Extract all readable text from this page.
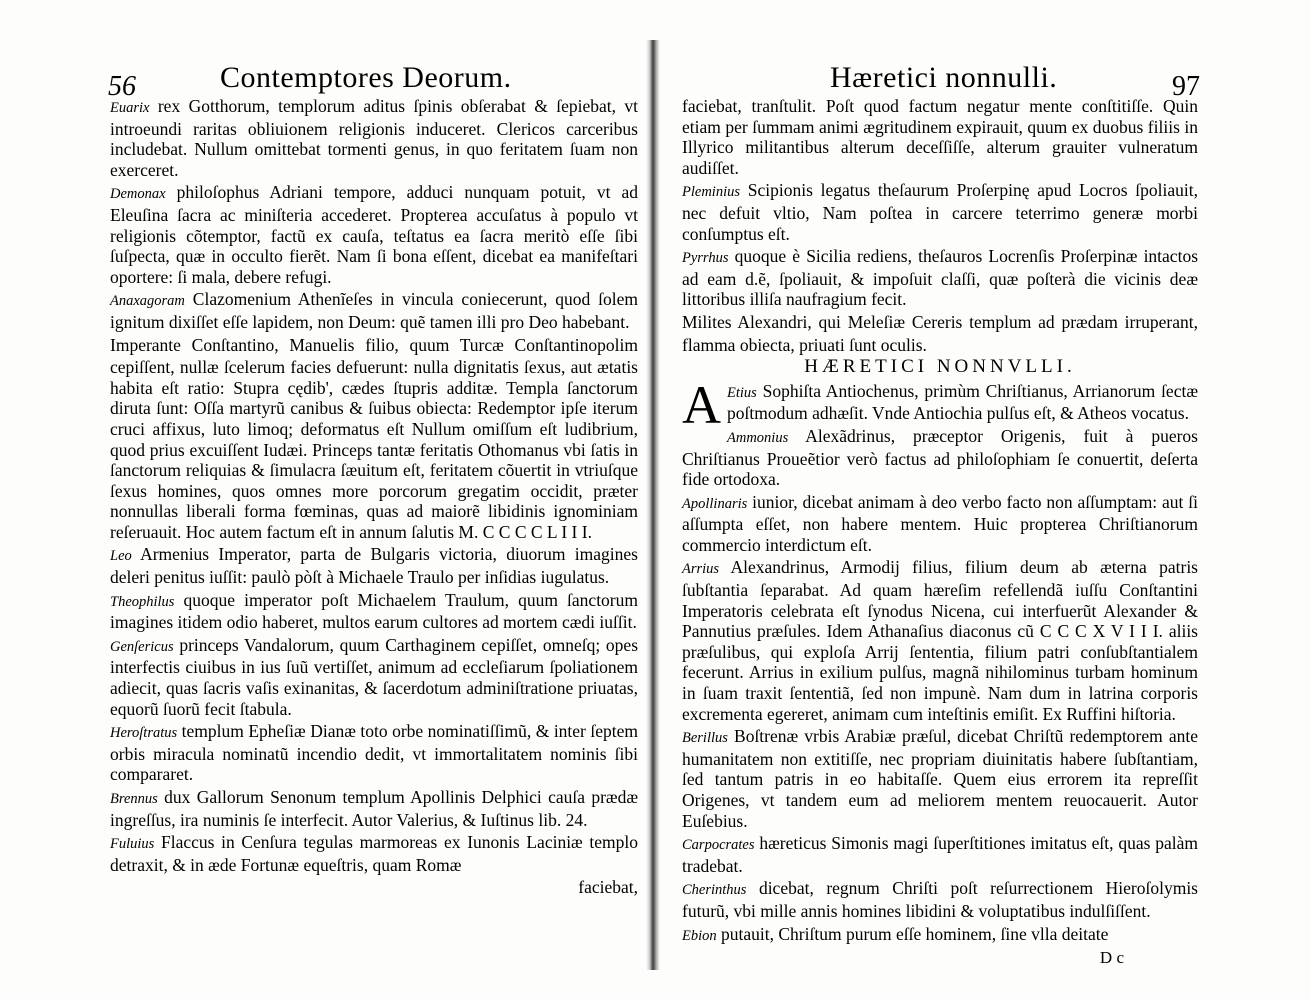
56	Contemptores Deorum.	Hæretici nonnulli.	97
Euarix rex Gotthorum, templorum aditus ſpinis obſerabat & ſepiebat, vt introeundi raritas obliuionem religionis induceret. Clericos carceribus includebat. Nullum omittebat tormenti genus, in quo feritatem ſuam non exerceret.
Demonax philoſophus Adriani tempore, adduci nunquam potuit, vt ad Eleuſina ſacra ac miniſteria accederet. Propterea accuſatus à populo vt religionis cõtemptor, factũ ex cauſa, teſtatus ea ſacra meritò eſſe ſibi ſuſpecta, quæ in occulto fierẽt. Nam ſi bona eſſent, dicebat ea manifeſtari oportere: ſi mala, debere refugi.
Anaxagoram Clazomenium Athenĩeſes in vincula coniecerunt, quod ſolem ignitum dixiſſet eſſe lapidem, non Deum: quẽ tamen illi pro Deo habebant.
Imperante Conſtantino, Manuelis filio, quum Turcæ Conſtantinopolim cepiſſent, nullæ ſcelerum facies defuerunt: nulla dignitatis ſexus, aut ætatis habita eſt ratio: Stupra cędib', cædes ſtupris additæ. Templa ſanctorum diruta ſunt: Oſſa martyrũ canibus & ſuibus obiecta: Redemptor ipſe iterum cruci affixus, luto limoq; deformatus eſt Nullum omiſſum eſt ludibrium, quod prius excuiſſent Iudæi. Princeps tantæ feritatis Othomanus vbi ſatis in ſanctorum reliquias & ſimulacra ſæuitum eſt, feritatem cõuertit in vtriuſque ſexus homines, quos omnes more porcorum gregatim occidit, præter nonnullas liberali forma fœminas, quas ad maiorẽ libidinis ignominiam reſeruauit. Hoc autem factum eſt in annum ſalutis M. C C C C L I I I.
Leo Armenius Imperator, parta de Bulgaris victoria, diuorum imagines deleri penitus iuſſit: paulò pòſt à Michaele Traulo per inſidias iugulatus.
Theophilus quoque imperator poſt Michaelem Traulum, quum ſanctorum imagines itidem odio haberet, multos earum cultores ad mortem cædi iuſſit.
Genſericus princeps Vandalorum, quum Carthaginem cepiſſet, omneſq; opes interfectis ciuibus in ius ſuũ vertiſſet, animum ad eccleſiarum ſpoliationem adiecit, quas ſacris vaſis exinanitas, & ſacerdotum adminiſtratione priuatas, equorũ ſuorũ fecit ſtabula.
Heroſtratus templum Epheſiæ Dianæ toto orbe nominatiſſimũ, & inter ſeptem orbis miracula nominatũ incendio dedit, vt immortalitatem nominis ſibi compararet.
Brennus dux Gallorum Senonum templum Apollinis Delphici cauſa prædæ ingreſſus, ira numinis ſe interfecit. Autor Valerius, & Iuſtinus lib. 24.
Fuluius Flaccus in Cenſura tegulas marmoreas ex Iunonis Laciniæ templo detraxit, & in æde Fortunæ equeſtris, quam Romæ
faciebat,
faciebat, tranſtulit. Poſt quod factum negatur mente conſtitiſſe. Quin etiam per ſummam animi ægritudinem expirauit, quum ex duobus filiis in Illyrico militantibus alterum deceſſiſſe, alterum grauiter vulneratum audiſſet.
Pleminius Scipionis legatus theſaurum Proſerpinę apud Locros ſpoliauit, nec defuit vltio, Nam poſtea in carcere teterrimo generæ morbi conſumptus eſt.
Pyrrhus quoque è Sicilia rediens, theſauros Locrenſis Proſerpinæ intactos ad eam d.ẽ, ſpoliauit, & impoſuit claſſi, quæ poſterà die vicinis deæ littoribus illiſa naufragium fecit.
Milites Alexandri, qui Meleſiæ Cereris templum ad prædam irruperant, flamma obiecta, priuati ſunt oculis.
HÆRETICI NONNVLLI.
A Etius Sophiſta Antiochenus, primùm Chriſtianus, Arrianorum ſectæ poſtmodum adhæſit. Vnde Antiochia pulſus eſt, & Atheos vocatus.
Ammonius Alexãdrinus, præceptor Origenis, fuit à pueros Chriſtianus Proueẽtior verò factus ad philoſophiam ſe conuertit, deſerta fide ortodoxa.
Apollinaris iunior, dicebat animam à deo verbo facto non aſſumptam: aut ſi aſſumpta eſſet, non habere mentem. Huic propterea Chriſtianorum commercio interdictum eſt.
Arrius Alexandrinus, Armodij filius, filium deum ab æterna patris ſubſtantia ſeparabat. Ad quam hæreſim refellendã iuſſu Conſtantini Imperatoris celebrata eſt ſynodus Nicena, cui interfuerũt Alexander & Pannutius præſules. Idem Athanaſius diaconus cũ C C C X V I I I. aliis præſulibus, qui exploſa Arrij ſententia, filium patri conſubſtantialem fecerunt. Arrius in exilium pulſus, magnã nihilominus turbam hominum in ſuam traxit ſententiã, ſed non impunè. Nam dum in latrina corporis excrementa egereret, animam cum inteſtinis emiſit. Ex Ruffini hiſtoria.
Berillus Boſtrenæ vrbis Arabiæ præſul, dicebat Chriſtũ redemptorem ante humanitatem non extitiſſe, nec propriam diuinitatis habere ſubſtantiam, ſed tantum patris in eo habitaſſe. Quem eius errorem ita repreſſit Origenes, vt tandem eum ad meliorem mentem reuocauerit. Autor Euſebius.
Carpocrates hæreticus Simonis magi ſuperſtitiones imitatus eſt, quas palàm tradebat.
Cherinthus dicebat, regnum Chriſti poſt reſurrectionem Hieroſolymis futurũ, vbi mille annis homines libidini & voluptatibus indulſiſſent.
Ebion putauit, Chriſtum purum eſſe hominem, ſine vlla deitate
D c
